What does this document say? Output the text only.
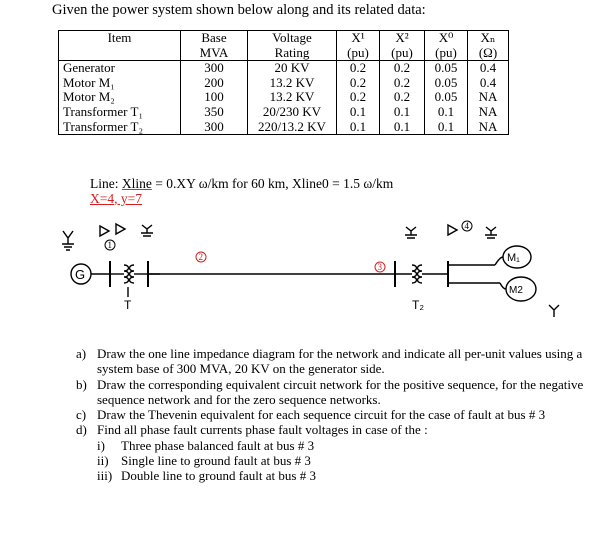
Given the power system shown below along and its related data:
Item	Base	Voltage	X¹	X²	X⁰	Xₙ
	MVA	Rating	(pu)	(pu)	(pu)	(Ω)
Generator	300	20 KV	0.2	0.2	0.05	0.4
Motor M₁	200	13.2 KV	0.2	0.2	0.05	0.4
Motor M₂	100	13.2 KV	0.2	0.2	0.05	NA
Transformer T₁	350	20/230 KV	0.1	0.1	0.1	NA
Transformer T₂	300	220/13.2 KV	0.1	0.1	0.1	NA
Line: Xline = 0.XY ω/km for 60 km, Xline0 = 1.5 ω/km
X=4, y=7
1
2
3
4
G
T	T₂
M₁
M2
a) Draw the one line impedance diagram for the network and indicate all per-unit values using a system base of 300 MVA, 20 KV on the generator side.
b) Draw the corresponding equivalent circuit network for the positive sequence, for the negative sequence network and for the zero sequence networks.
c) Draw the Thevenin equivalent for each sequence circuit for the case of fault at bus # 3
d) Find all phase fault currents phase fault voltages in case of the :
i) Three phase balanced fault at bus # 3
ii) Single line to ground fault at bus # 3
iii) Double line to ground fault at bus # 3
